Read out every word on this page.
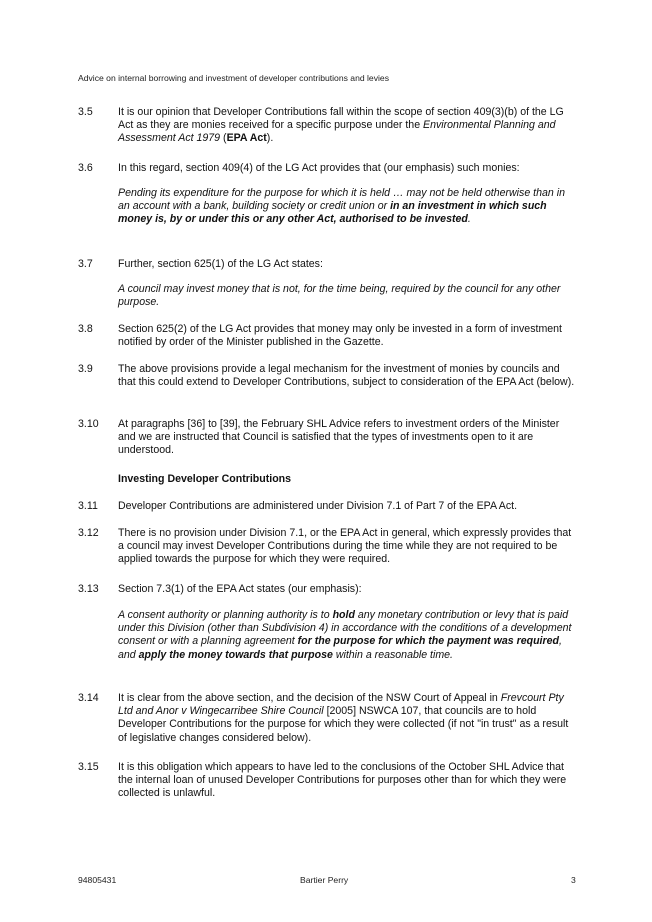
Advice on internal borrowing and investment of developer contributions and levies
3.5	It is our opinion that Developer Contributions fall within the scope of section 409(3)(b) of the LG Act as they are monies received for a specific purpose under the Environmental Planning and Assessment Act 1979 (EPA Act).
3.6	In this regard, section 409(4) of the LG Act provides that (our emphasis) such monies:
Pending its expenditure for the purpose for which it is held … may not be held otherwise than in an account with a bank, building society or credit union or in an investment in which such money is, by or under this or any other Act, authorised to be invested.
3.7	Further, section 625(1) of the LG Act states:
A council may invest money that is not, for the time being, required by the council for any other purpose.
3.8	Section 625(2) of the LG Act provides that money may only be invested in a form of investment notified by order of the Minister published in the Gazette.
3.9	The above provisions provide a legal mechanism for the investment of monies by councils and that this could extend to Developer Contributions, subject to consideration of the EPA Act (below).
3.10	At paragraphs [36] to [39], the February SHL Advice refers to investment orders of the Minister and we are instructed that Council is satisfied that the types of investments open to it are understood.
Investing Developer Contributions
3.11	Developer Contributions are administered under Division 7.1 of Part 7 of the EPA Act.
3.12	There is no provision under Division 7.1, or the EPA Act in general, which expressly provides that a council may invest Developer Contributions during the time while they are not required to be applied towards the purpose for which they were required.
3.13	Section 7.3(1) of the EPA Act states (our emphasis):
A consent authority or planning authority is to hold any monetary contribution or levy that is paid under this Division (other than Subdivision 4) in accordance with the conditions of a development consent or with a planning agreement for the purpose for which the payment was required, and apply the money towards that purpose within a reasonable time.
3.14	It is clear from the above section, and the decision of the NSW Court of Appeal in Frevcourt Pty Ltd and Anor v Wingecarribee Shire Council [2005] NSWCA 107, that councils are to hold Developer Contributions for the purpose for which they were collected (if not "in trust" as a result of legislative changes considered below).
3.15	It is this obligation which appears to have led to the conclusions of the October SHL Advice that the internal loan of unused Developer Contributions for purposes other than for which they were collected is unlawful.
94805431	Bartier Perry	3
